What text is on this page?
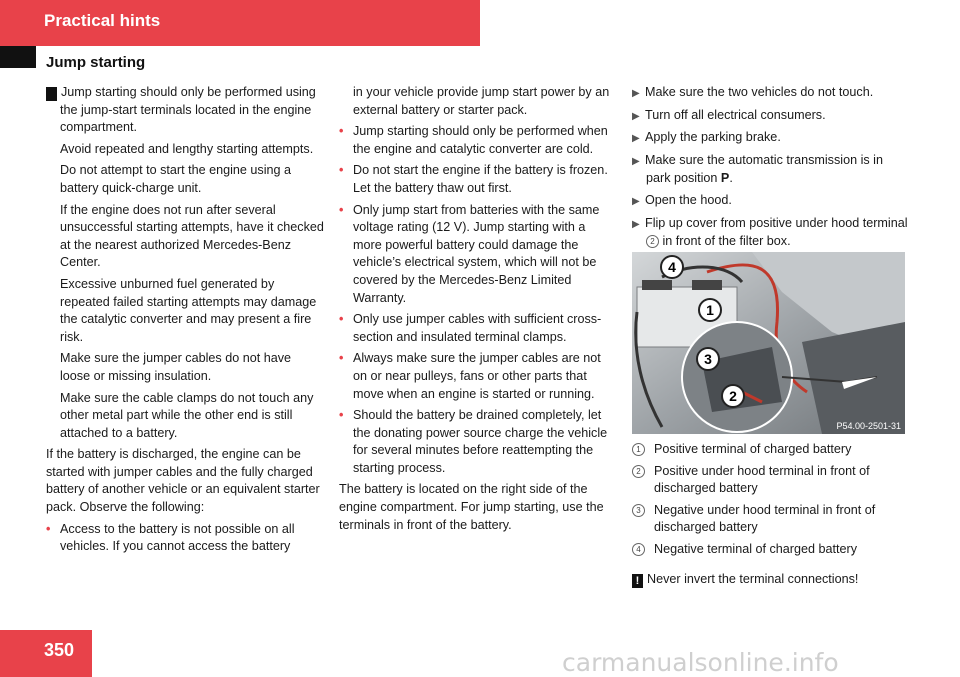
Practical hints
Jump starting

! Jump starting should only be performed using the jump-start terminals located in the engine compartment.

Avoid repeated and lengthy starting attempts.

Do not attempt to start the engine using a battery quick-charge unit.

If the engine does not run after several unsuccessful starting attempts, have it checked at the nearest authorized Mercedes-Benz Center.

Excessive unburned fuel generated by repeated failed starting attempts may damage the catalytic converter and may present a fire risk.

Make sure the jumper cables do not have loose or missing insulation.

Make sure the cable clamps do not touch any other metal part while the other end is still attached to a battery.

If the battery is discharged, the engine can be started with jumper cables and the fully charged battery of another vehicle or an equivalent starter pack. Observe the following:

• Access to the battery is not possible on all vehicles. If you cannot access the battery

in your vehicle provide jump start power by an external battery or starter pack.

• Jump starting should only be performed when the engine and catalytic converter are cold.

• Do not start the engine if the battery is frozen. Let the battery thaw out first.

• Only jump start from batteries with the same voltage rating (12 V). Jump starting with a more powerful battery could damage the vehicle’s electrical system, which will not be covered by the Mercedes-Benz Limited Warranty.

• Only use jumper cables with sufficient cross-section and insulated terminal clamps.

• Always make sure the jumper cables are not on or near pulleys, fans or other parts that move when an engine is started or running.

• Should the battery be drained completely, let the donating power source charge the vehicle for several minutes before reattempting the starting process.

The battery is located on the right side of the engine compartment. For jump starting, use the terminals in front of the battery.

▶ Make sure the two vehicles do not touch.

▶ Turn off all electrical consumers.

▶ Apply the parking brake.

▶ Make sure the automatic transmission is in park position P.

▶ Open the hood.

▶ Flip up cover from positive under hood terminal 2 in front of the filter box.

4
1
3
2
P54.00-2501-31

1 Positive terminal of charged battery

2 Positive under hood terminal in front of discharged battery

3 Negative under hood terminal in front of discharged battery

4 Negative terminal of charged battery

! Never invert the terminal connections!
350	carmanualsonline.info
